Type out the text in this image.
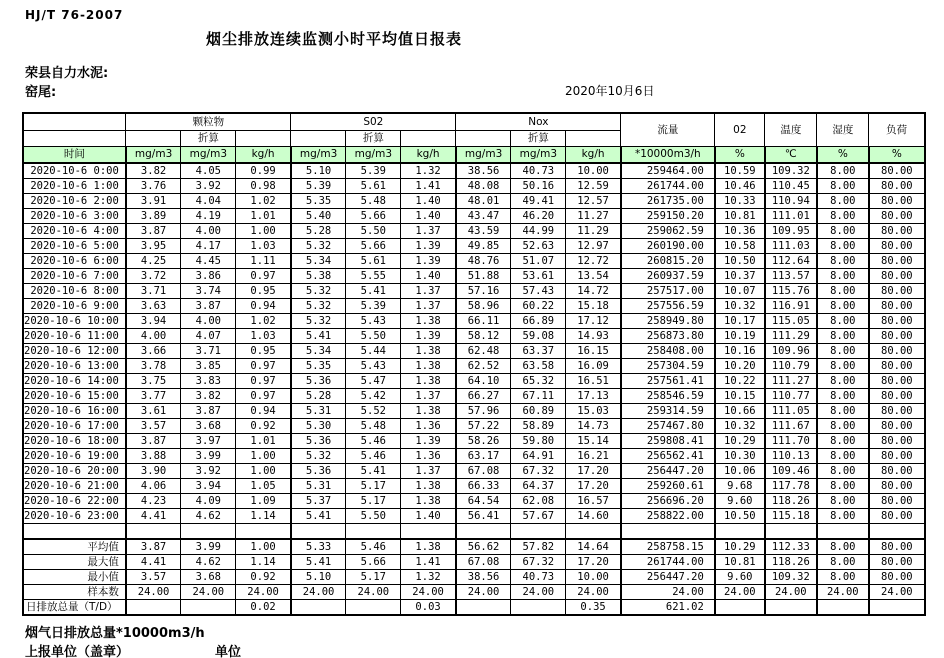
HJ/T 76-2007
烟尘排放连续监测小时平均值日报表
荣县自力水泥:
窑尾:	2020年10月6日
	颗粒物			S02			Nox			流量	02	温度	湿度	负荷
		折算			折算			折算						
时间	mg/m3	mg/m3	kg/h	mg/m3	mg/m3	kg/h	mg/m3	mg/m3	kg/h	*10000m3/h	%	℃	%	%
2020-10-6 0:00	3.82	4.05	0.99	5.10	5.39	1.32	38.56	40.73	10.00	259464.00	10.59	109.32	8.00	80.00
2020-10-6 1:00	3.76	3.92	0.98	5.39	5.61	1.41	48.08	50.16	12.59	261744.00	10.46	110.45	8.00	80.00
2020-10-6 2:00	3.91	4.04	1.02	5.35	5.48	1.40	48.01	49.41	12.57	261735.00	10.33	110.94	8.00	80.00
2020-10-6 3:00	3.89	4.19	1.01	5.40	5.66	1.40	43.47	46.20	11.27	259150.20	10.81	111.01	8.00	80.00
2020-10-6 4:00	3.87	4.00	1.00	5.28	5.50	1.37	43.59	44.99	11.29	259062.59	10.36	109.95	8.00	80.00
2020-10-6 5:00	3.95	4.17	1.03	5.32	5.66	1.39	49.85	52.63	12.97	260190.00	10.58	111.03	8.00	80.00
2020-10-6 6:00	4.25	4.45	1.11	5.34	5.61	1.39	48.76	51.07	12.72	260815.20	10.50	112.64	8.00	80.00
2020-10-6 7:00	3.72	3.86	0.97	5.38	5.55	1.40	51.88	53.61	13.54	260937.59	10.37	113.57	8.00	80.00
2020-10-6 8:00	3.71	3.74	0.95	5.32	5.41	1.37	57.16	57.43	14.72	257517.00	10.07	115.76	8.00	80.00
2020-10-6 9:00	3.63	3.87	0.94	5.32	5.39	1.37	58.96	60.22	15.18	257556.59	10.32	116.91	8.00	80.00
2020-10-6 10:00	3.94	4.00	1.02	5.32	5.43	1.38	66.11	66.89	17.12	258949.80	10.17	115.05	8.00	80.00
2020-10-6 11:00	4.00	4.07	1.03	5.41	5.50	1.39	58.12	59.08	14.93	256873.80	10.19	111.29	8.00	80.00
2020-10-6 12:00	3.66	3.71	0.95	5.34	5.44	1.38	62.48	63.37	16.15	258408.00	10.16	109.96	8.00	80.00
2020-10-6 13:00	3.78	3.85	0.97	5.35	5.43	1.38	62.52	63.58	16.09	257304.59	10.20	110.79	8.00	80.00
2020-10-6 14:00	3.75	3.83	0.97	5.36	5.47	1.38	64.10	65.32	16.51	257561.41	10.22	111.27	8.00	80.00
2020-10-6 15:00	3.77	3.82	0.97	5.28	5.42	1.37	66.27	67.11	17.13	258546.59	10.15	110.77	8.00	80.00
2020-10-6 16:00	3.61	3.87	0.94	5.31	5.52	1.38	57.96	60.89	15.03	259314.59	10.66	111.05	8.00	80.00
2020-10-6 17:00	3.57	3.68	0.92	5.30	5.48	1.36	57.22	58.89	14.73	257467.80	10.32	111.67	8.00	80.00
2020-10-6 18:00	3.87	3.97	1.01	5.36	5.46	1.39	58.26	59.80	15.14	259808.41	10.29	111.70	8.00	80.00
2020-10-6 19:00	3.88	3.99	1.00	5.32	5.46	1.36	63.17	64.91	16.21	256562.41	10.30	110.13	8.00	80.00
2020-10-6 20:00	3.90	3.92	1.00	5.36	5.41	1.37	67.08	67.32	17.20	256447.20	10.06	109.46	8.00	80.00
2020-10-6 21:00	4.06	3.94	1.05	5.31	5.17	1.38	66.33	64.37	17.20	259260.61	9.68	117.78	8.00	80.00
2020-10-6 22:00	4.23	4.09	1.09	5.37	5.17	1.38	64.54	62.08	16.57	256696.20	9.60	118.26	8.00	80.00
2020-10-6 23:00	4.41	4.62	1.14	5.41	5.50	1.40	56.41	57.67	14.60	258822.00	10.50	115.18	8.00	80.00

平均值	3.87	3.99	1.00	5.33	5.46	1.38	56.62	57.82	14.64	258758.15	10.29	112.33	8.00	80.00
最大值	4.41	4.62	1.14	5.41	5.66	1.41	67.08	67.32	17.20	261744.00	10.81	118.26	8.00	80.00
最小值	3.57	3.68	0.92	5.10	5.17	1.32	38.56	40.73	10.00	256447.20	9.60	109.32	8.00	80.00
样本数	24.00	24.00	24.00	24.00	24.00	24.00	24.00	24.00	24.00	24.00	24.00	24.00	24.00	24.00
日排放总量（T/D）			0.02			0.03			0.35	621.02				
烟气日排放总量*10000m3/h
上报单位（盖章）	单位
